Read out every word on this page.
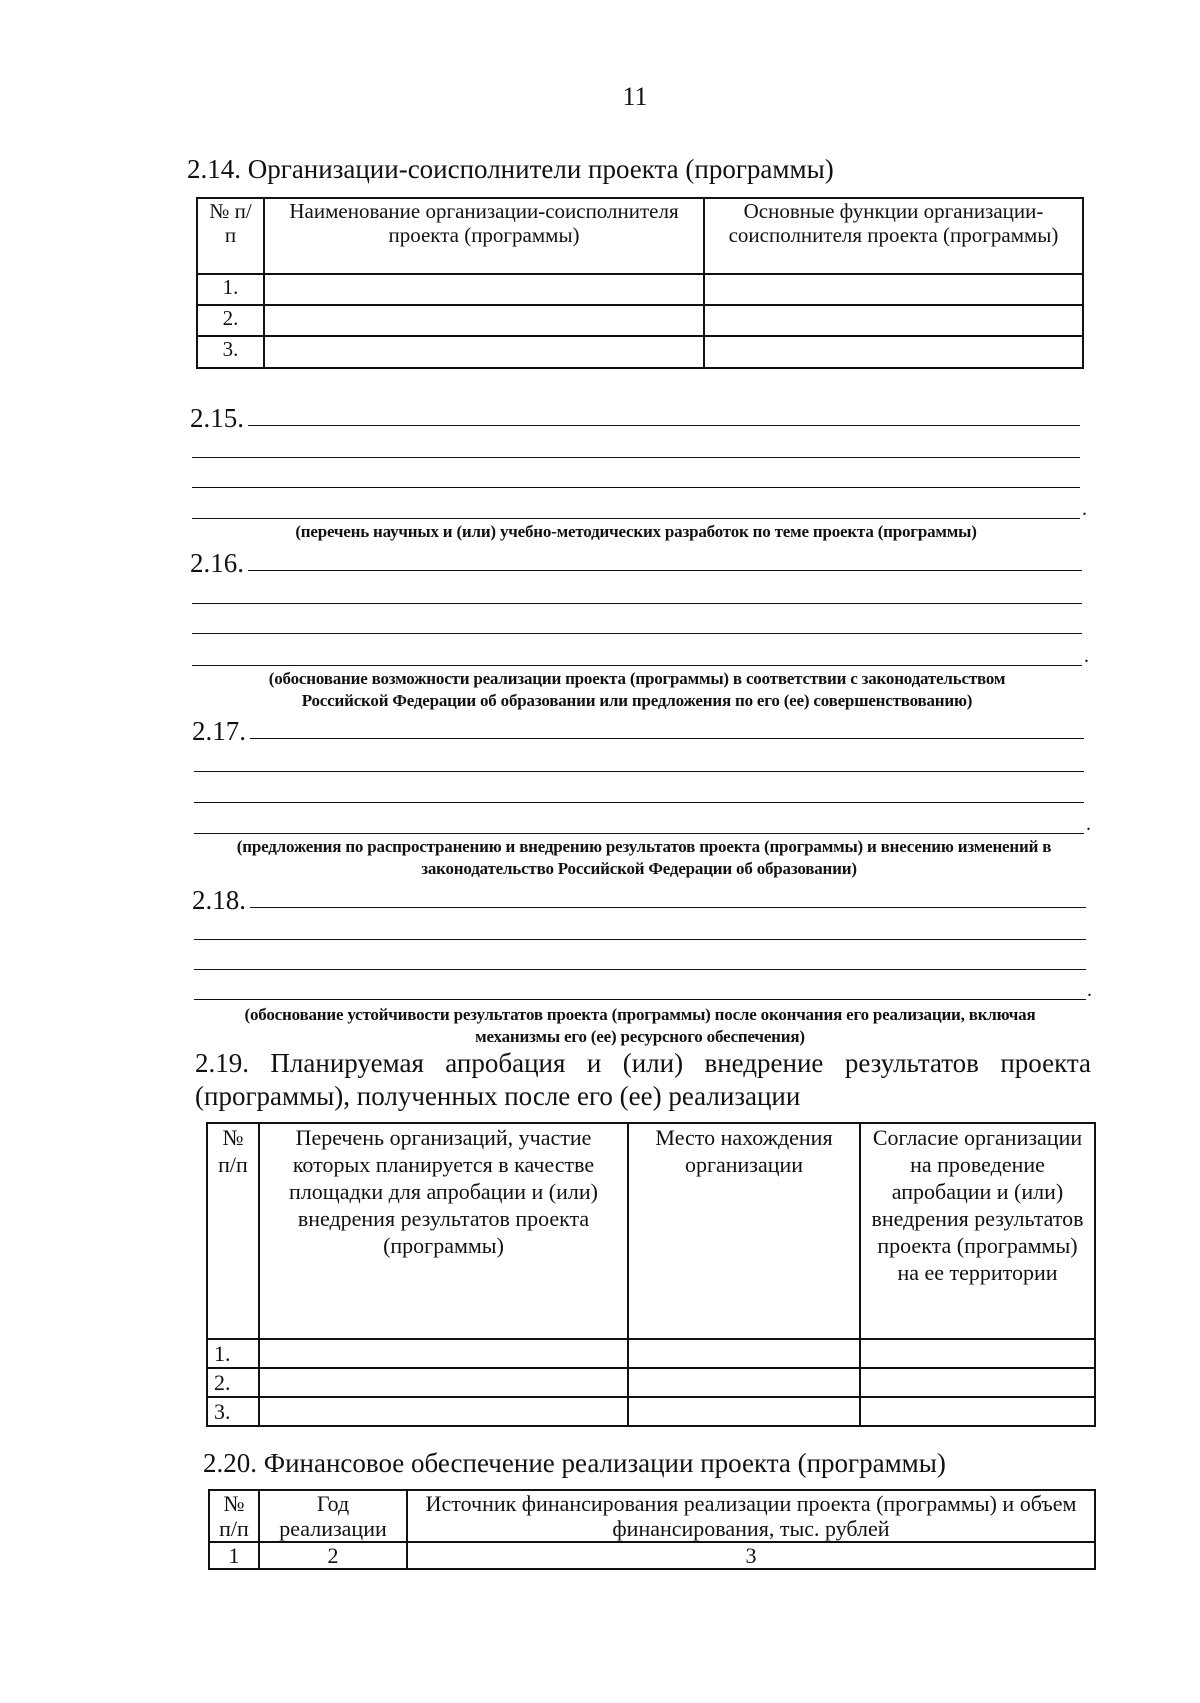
11
2.14. Организации-соисполнители проекта (программы)
№ п/п	Наименование организации-соисполнителя проекта (программы)	Основные функции организации-соисполнителя проекта (программы)
1.		
2.		
3.		
2.15.
.
(перечень научных и (или) учебно-методических разработок по теме проекта (программы)
2.16.
.
(обоснование возможности реализации проекта (программы) в соответствии с законодательством
Российской Федерации об образовании или предложения по его (ее) совершенствованию)
2.17.
.
(предложения по распространению и внедрению результатов проекта (программы) и внесению изменений в
законодательство Российской Федерации об образовании)
2.18.
.
(обоснование устойчивости результатов проекта (программы) после окончания его реализации, включая
механизмы его (ее) ресурсного обеспечения)
2.19. Планируемая апробация и (или) внедрение результатов проекта
(программы), полученных после его (ее) реализации
№ п/п	Перечень организаций, участие которых планируется в качестве площадки для апробации и (или) внедрения результатов проекта (программы)	Место нахождения организации	Согласие организации на проведение апробации и (или) внедрения результатов проекта (программы) на ее территории
1.			
2.			
3.			
2.20. Финансовое обеспечение реализации проекта (программы)
№ п/п	Год реализации	Источник финансирования реализации проекта (программы) и объем финансирования, тыс. рублей
1	2	3
